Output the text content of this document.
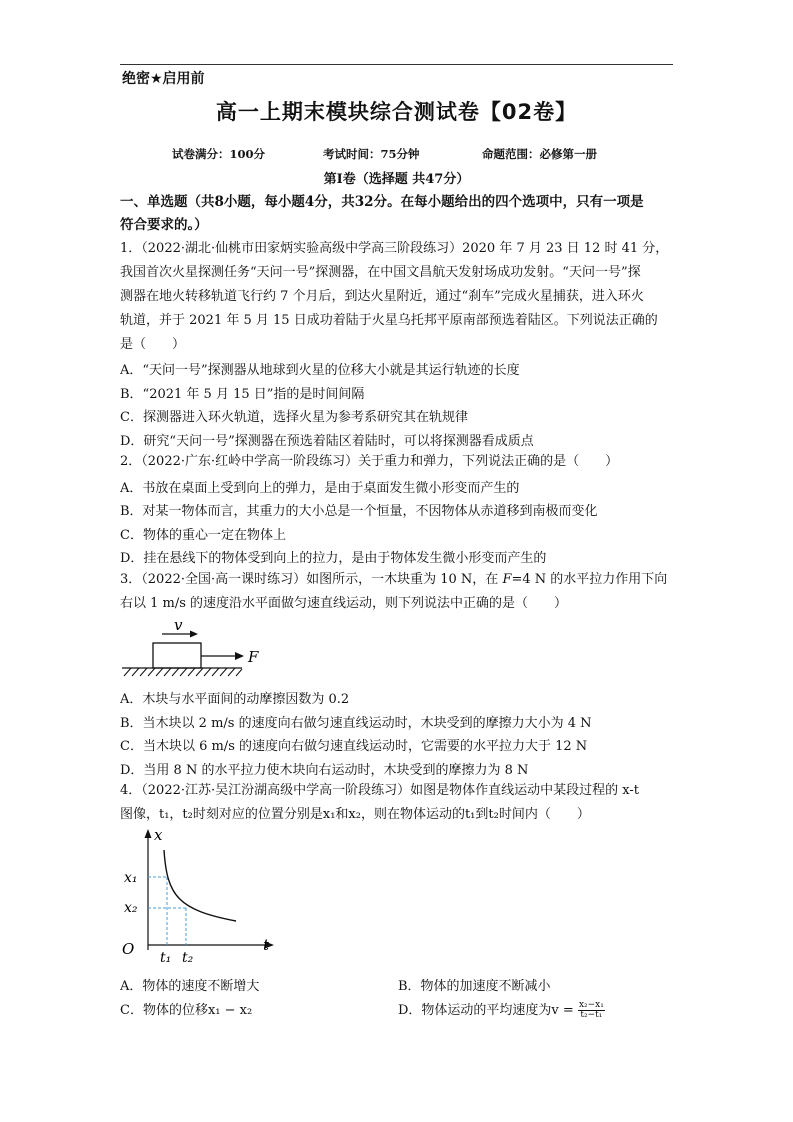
绝密★启用前
高一上期末模块综合测试卷【02卷】
试卷满分：100分	考试时间：75分钟	命题范围：必修第一册
第Ⅰ卷（选择题 共47分）
一、单选题（共8小题，每小题4分，共32分。在每小题给出的四个选项中，只有一项是
符合要求的。）
1．（2022·湖北·仙桃市田家炳实验高级中学高三阶段练习）2020 年 7 月 23 日 12 时 41 分，
我国首次火星探测任务“天问一号”探测器，在中国文昌航天发射场成功发射。“天问一号”探
测器在地火转移轨道飞行约 7 个月后，到达火星附近，通过“刹车”完成火星捕获，进入环火
轨道，并于 2021 年 5 月 15 日成功着陆于火星乌托邦平原南部预选着陆区。下列说法正确的
是（　　）
A．“天问一号”探测器从地球到火星的位移大小就是其运行轨迹的长度
B．“2021 年 5 月 15 日”指的是时间间隔
C．探测器进入环火轨道，选择火星为参考系研究其在轨规律
D．研究“天问一号”探测器在预选着陆区着陆时，可以将探测器看成质点
2．（2022·广东·红岭中学高一阶段练习）关于重力和弹力，下列说法正确的是（　　）
A．书放在桌面上受到向上的弹力，是由于桌面发生微小形变而产生的
B．对某一物体而言，其重力的大小总是一个恒量，不因物体从赤道移到南极而变化
C．物体的重心一定在物体上
D．挂在悬线下的物体受到向上的拉力，是由于物体发生微小形变而产生的
3．（2022·全国·高一课时练习）如图所示，一木块重为 10 N，在 F=4 N 的水平拉力作用下向
右以 1 m/s 的速度沿水平面做匀速直线运动，则下列说法中正确的是（　　）
v
F
A．木块与水平面间的动摩擦因数为 0.2
B．当木块以 2 m/s 的速度向右做匀速直线运动时，木块受到的摩擦力大小为 4 N
C．当木块以 6 m/s 的速度向右做匀速直线运动时，它需要的水平拉力大于 12 N
D．当用 8 N 的水平拉力使木块向右运动时，木块受到的摩擦力为 8 N
4．（2022·江苏·吴江汾湖高级中学高一阶段练习）如图是物体作直线运动中某段过程的 x-t
图像，t₁，t₂时刻对应的位置分别是x₁和x₂，则在物体运动的t₁到t₂时间内（　　）
x
t
O
x₁
x₂
t₁ t₂
A．物体的速度不断增大	B．物体的加速度不断减小
C．物体的位移x₁ − x₂	D．物体运动的平均速度为$v = \frac{\text{x₂−x₁}}{\text{t₂−t₁}}$
